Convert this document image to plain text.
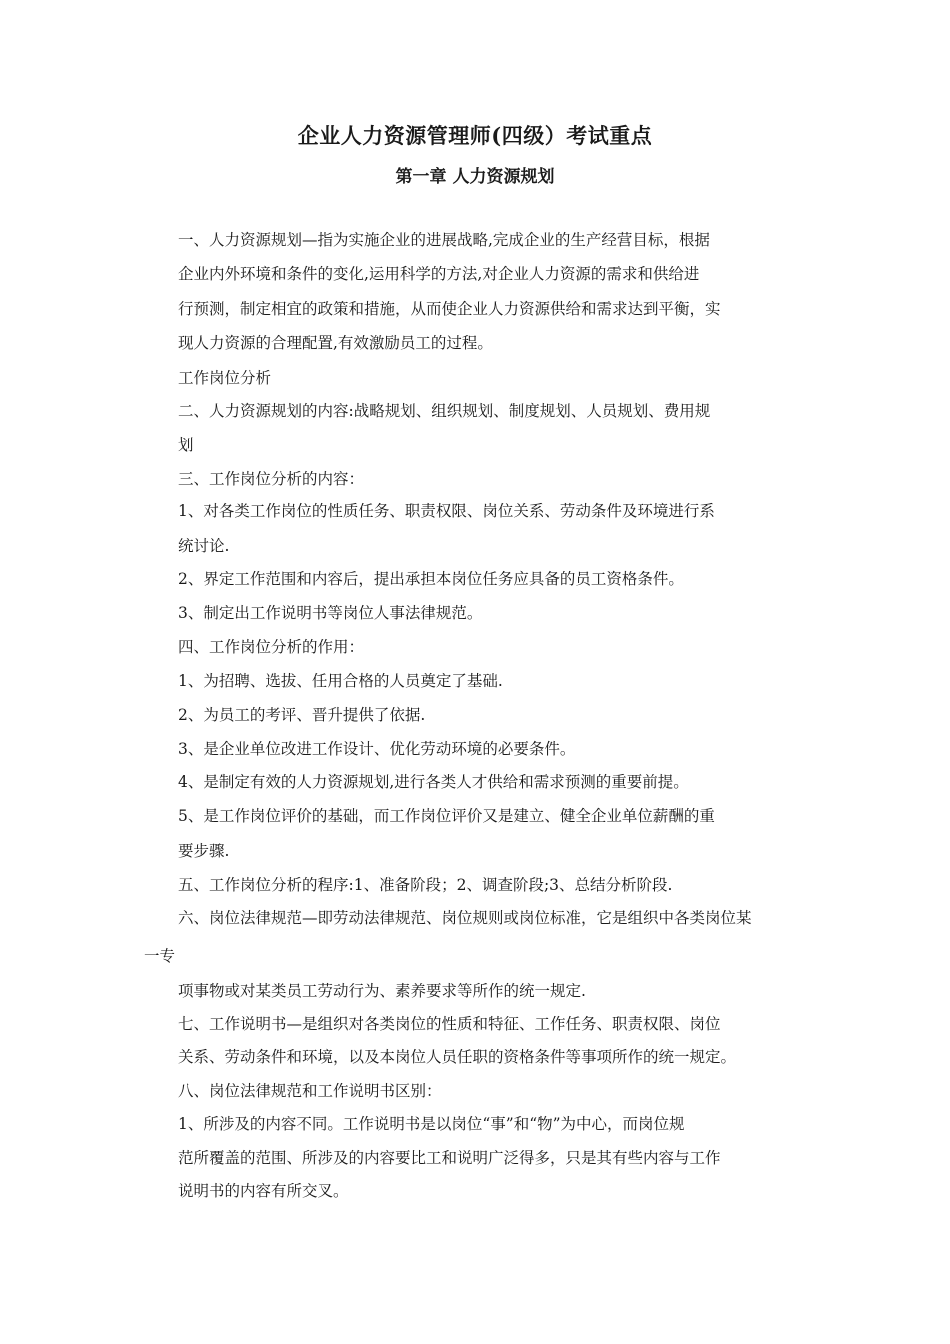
企业人力资源管理师(四级）考试重点
第一章 人力资源规划
一、人力资源规划—指为实施企业的进展战略,完成企业的生产经营目标，根据
企业内外环境和条件的变化,运用科学的方法,对企业人力资源的需求和供给进
行预测，制定相宜的政策和措施，从而使企业人力资源供给和需求达到平衡，实
现人力资源的合理配置,有效激励员工的过程。
工作岗位分析
二、人力资源规划的内容:战略规划、组织规划、制度规划、人员规划、费用规
划
三、工作岗位分析的内容：
1、对各类工作岗位的性质任务、职责权限、岗位关系、劳动条件及环境进行系
统讨论.
2、界定工作范围和内容后，提出承担本岗位任务应具备的员工资格条件。
3、制定出工作说明书等岗位人事法律规范。
四、工作岗位分析的作用：
1、为招聘、选拔、任用合格的人员奠定了基础.
2、为员工的考评、晋升提供了依据.
3、是企业单位改进工作设计、优化劳动环境的必要条件。
4、是制定有效的人力资源规划,进行各类人才供给和需求预测的重要前提。
5、是工作岗位评价的基础，而工作岗位评价又是建立、健全企业单位薪酬的重
要步骤.
五、工作岗位分析的程序:1、准备阶段；2、调查阶段;3、总结分析阶段.
六、岗位法律规范—即劳动法律规范、岗位规则或岗位标准，它是组织中各类岗位某
一专
项事物或对某类员工劳动行为、素养要求等所作的统一规定.
七、工作说明书—是组织对各类岗位的性质和特征、工作任务、职责权限、岗位
关系、劳动条件和环境，以及本岗位人员任职的资格条件等事项所作的统一规定。
八、岗位法律规范和工作说明书区别：
1、所涉及的内容不同。工作说明书是以岗位“事”和“物”为中心，而岗位规
范所覆盖的范围、所涉及的内容要比工和说明广泛得多，只是其有些内容与工作
说明书的内容有所交叉。
